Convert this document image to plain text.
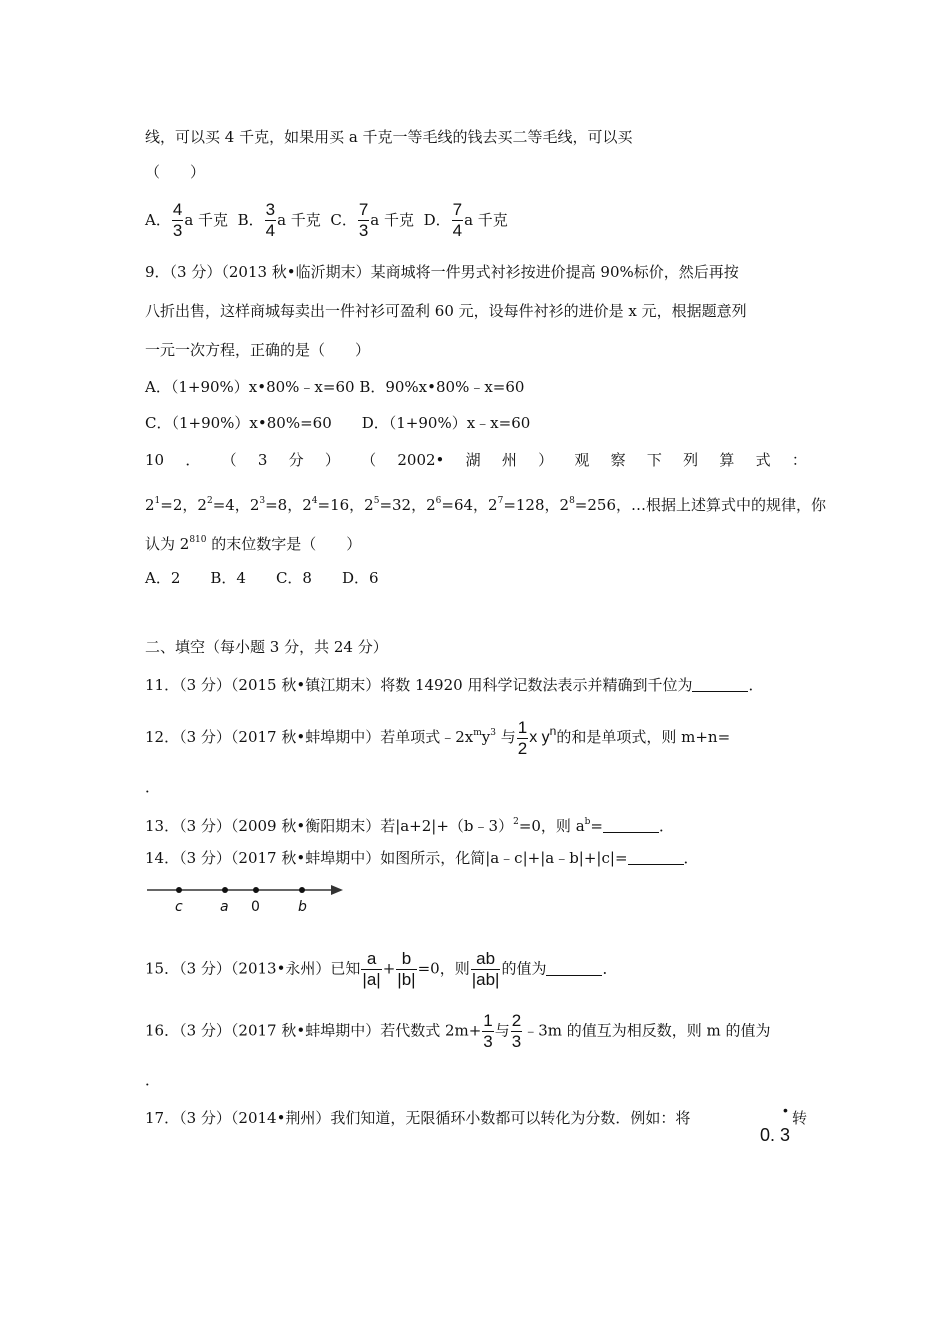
线，可以买 4 千克，如果用买 a 千克一等毛线的钱去买二等毛线，可以买
（　　）
A． $\frac{4}{3}$ a 千克 B． $\frac{3}{4}$ a 千克 C． $\frac{7}{3}$ a 千克 D． $\frac{7}{4}$ a 千克
9．（3 分）（2013 秋•临沂期末）某商城将一件男式衬衫按进价提高 90%标价，然后再按
八折出售，这样商城每卖出一件衬衫可盈利 60 元，设每件衬衫的进价是 x 元，根据题意列
一元一次方程，正确的是（　　）
A．（1+90%）x•80%﹣x=60 B．90%x•80%﹣x=60
C．（1+90%）x•80%=60　　D．（1+90%）x﹣x=60
10 ． （ 3 分 ） （ 2002• 湖 州 ） 观 察 下 列 算 式 ：
$2^1=2$，$2^2=4$，$2^3=8$，$2^4=16$，$2^5=32$，$2^6=64$，$2^7=128$，$2^8=256$，…根据上述算式中的规律，你
认为 $2^{810}$ 的末位数字是（　　）
A．2　　B．4　　C．8　　D．6
二、填空（每小题 3 分，共 24 分）
11．（3 分）（2015 秋•镇江期末）将数 14920 用科学记数法表示并精确到千位为	．
12．（3 分）（2017 秋•蚌埠期中）若单项式$﹣2x^my^3$ 与 $\frac{1}{2}$ x $y^n$的和是单项式，则 m+n=
．
13．（3 分）（2009 秋•衡阳期末）若|a+2|+（b﹣3）$^2$=0，则 $a^b=$	．
14．（3 分）（2017 秋•蚌埠期中）如图所示，化简|a﹣c|+|a﹣b|+|c|=	．
c	a 0	b
15．（3 分）（2013•永州）已知 $\frac{a}{|a|} + \frac{b}{|b|} =0$，则 $\frac{ab}{|ab|}$ 的值为	．
16．（3 分）（2017 秋•蚌埠期中）若代数式 $2m+ \frac{1}{3}$ 与 $\frac{2}{3}$ ﹣3m 的值互为相反数，则 m 的值为
．
17．（3 分）（2014•荆州）我们知道，无限循环小数都可以转化为分数．例如：将	•
0. 3
转
